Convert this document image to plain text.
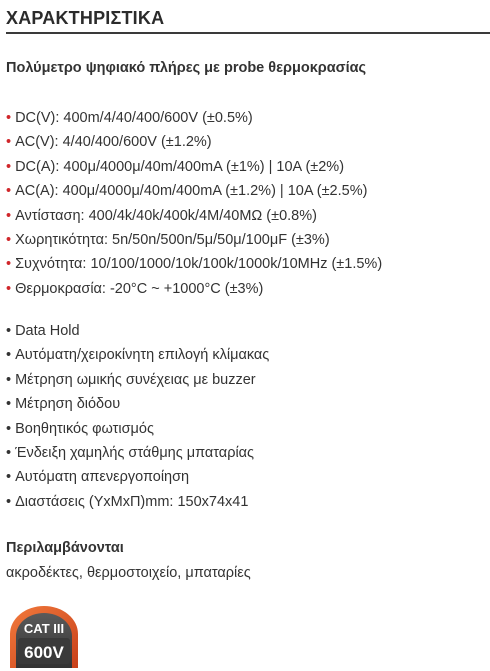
ΧΑΡΑΚΤΗΡΙΣΤΙΚΑ

Πολύμετρο ψηφιακό πλήρες με probe θερμοκρασίας

• DC(V): 400m/4/40/400/600V (±0.5%)
• AC(V): 4/40/400/600V (±1.2%)
• DC(A): 400μ/4000μ/40m/400mA (±1%) | 10A (±2%)
• AC(A): 400μ/4000μ/40m/400mA (±1.2%) | 10A (±2.5%)
• Αντίσταση: 400/4k/40k/400k/4M/40MΩ (±0.8%)
• Χωρητικότητα: 5n/50n/500n/5μ/50μ/100μF (±3%)
• Συχνότητα: 10/100/1000/10k/100k/1000k/10MHz (±1.5%)
• Θερμοκρασία: -20°C ~ +1000°C (±3%)
• Data Hold
• Αυτόματη/χειροκίνητη επιλογή κλίμακας
• Μέτρηση ωμικής συνέχειας με buzzer
• Μέτρηση διόδου
• Βοηθητικός φωτισμός
• Ένδειξη χαμηλής στάθμης μπαταρίας
• Αυτόματη απενεργοποίηση
• Διαστάσεις (ΥxΜxΠ)mm: 150x74x41

Περιλαμβάνονται

ακροδέκτες, θερμοστοιχείο, μπαταρίες

CAT III
600V
